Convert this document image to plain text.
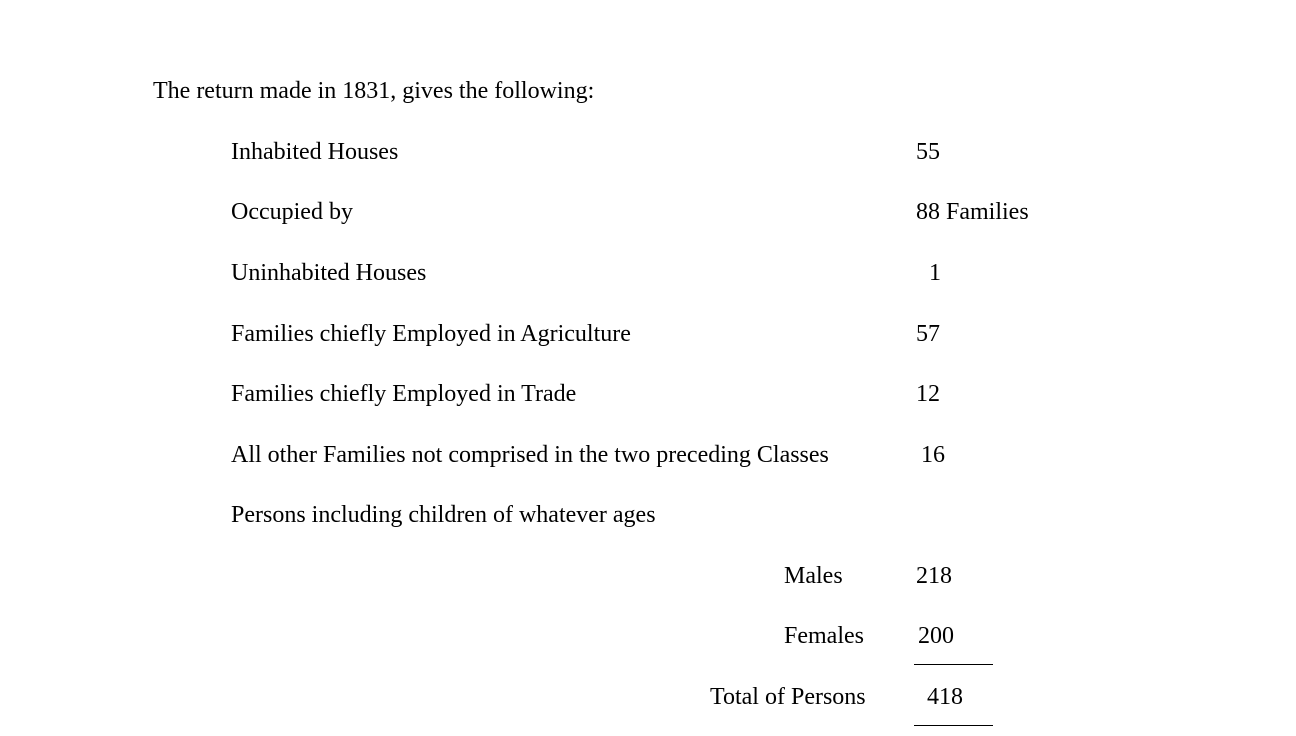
The return made in 1831, gives the following:
Inhabited Houses	55
Occupied by	88 Families
Uninhabited Houses	1
Families chiefly Employed in Agriculture	57
Families chiefly Employed in Trade	12
All other Families not comprised in the two preceding Classes	16
Persons including children of whatever ages
Males	218
Females 200
Total of Persons	418
